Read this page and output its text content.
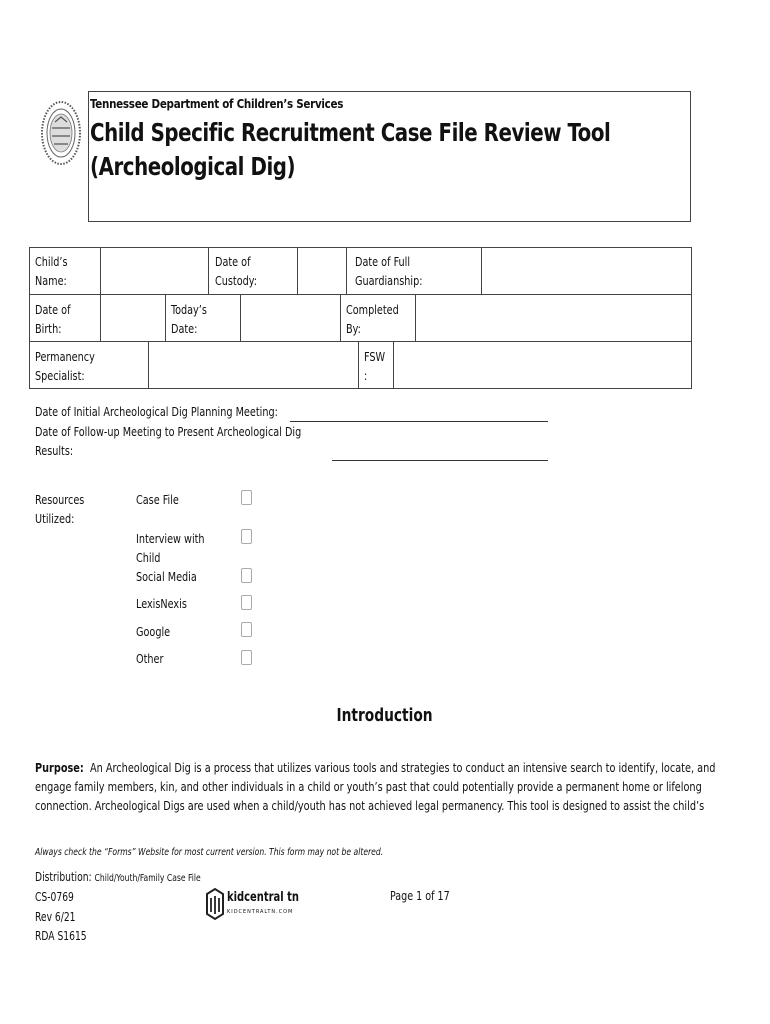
Tennessee Department of Children’s Services
Child Specific Recruitment Case File Review Tool
(Archeological Dig)
Child’s
Name:
Date of
Custody:
Date of Full
Guardianship:
Date of
Birth:
Today’s
Date:
Completed
By:
Permanency
Specialist:
FSW
:
Date of Initial Archeological Dig Planning Meeting:
Date of Follow-up Meeting to Present Archeological Dig
Results:
Resources
Utilized:
Case File
Interview with
Child
Social Media
LexisNexis
Google
Other
Introduction
Purpose: An Archeological Dig is a process that utilizes various tools and strategies to conduct an intensive search to identify, locate, and
engage family members, kin, and other individuals in a child or youth’s past that could potentially provide a permanent home or lifelong
connection. Archeological Digs are used when a child/youth has not achieved legal permanency. This tool is designed to assist the child’s
Always check the “Forms” Website for most current version. This form may not be altered.
Distribution: Child/Youth/Family Case File
CS-0769
Rev 6/21
RDA S1615
kidcentral tn
KIDCENTRALTN.COM
Page 1 of 17
